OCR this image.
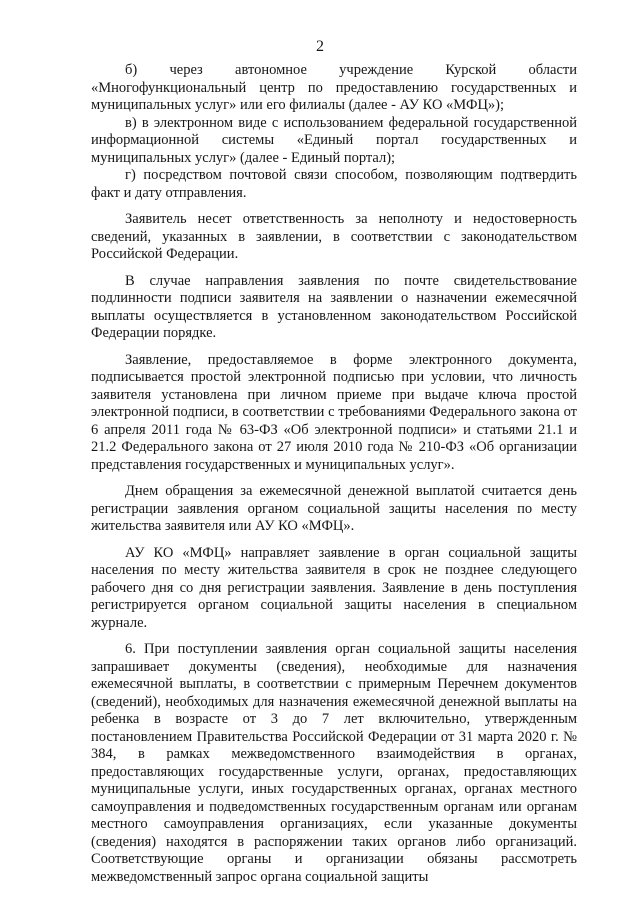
2

б) через автономное учреждение Курской области «Многофункциональный центр по предоставлению государственных и муниципальных услуг» или его филиалы (далее - АУ КО «МФЦ»);

в) в электронном виде с использованием федеральной государственной информационной системы «Единый портал государственных и муниципальных услуг» (далее - Единый портал);

г) посредством почтовой связи способом, позволяющим подтвердить факт и дату отправления.

Заявитель несет ответственность за неполноту и недостоверность сведений, указанных в заявлении, в соответствии с законодательством Российской Федерации.

В случае направления заявления по почте свидетельствование подлинности подписи заявителя на заявлении о назначении ежемесячной выплаты осуществляется в установленном законодательством Российской Федерации порядке.

Заявление, предоставляемое в форме электронного документа, подписывается простой электронной подписью при условии, что личность заявителя установлена при личном приеме при выдаче ключа простой электронной подписи, в соответствии с требованиями Федерального закона от 6 апреля 2011 года № 63-ФЗ «Об электронной подписи» и статьями 21.1 и 21.2 Федерального закона от 27 июля 2010 года № 210-ФЗ «Об организации представления государственных и муниципальных услуг».

Днем обращения за ежемесячной денежной выплатой считается день регистрации заявления органом социальной защиты населения по месту жительства заявителя или АУ КО «МФЦ».

АУ КО «МФЦ» направляет заявление в орган социальной защиты населения по месту жительства заявителя в срок не позднее следующего рабочего дня со дня регистрации заявления. Заявление в день поступления регистрируется органом социальной защиты населения в специальном журнале.

6. При поступлении заявления орган социальной защиты населения запрашивает документы (сведения), необходимые для назначения ежемесячной выплаты, в соответствии с примерным Перечнем документов (сведений), необходимых для назначения ежемесячной денежной выплаты на ребенка в возрасте от 3 до 7 лет включительно, утвержденным постановлением Правительства Российской Федерации от 31 марта 2020 г. № 384, в рамках межведомственного взаимодействия в органах, предоставляющих государственные услуги, органах, предоставляющих муниципальные услуги, иных государственных органах, органах местного самоуправления и подведомственных государственным органам или органам местного самоуправления организациях, если указанные документы (сведения) находятся в распоряжении таких органов либо организаций. Соответствующие органы и организации обязаны рассмотреть межведомственный запрос органа социальной защиты
